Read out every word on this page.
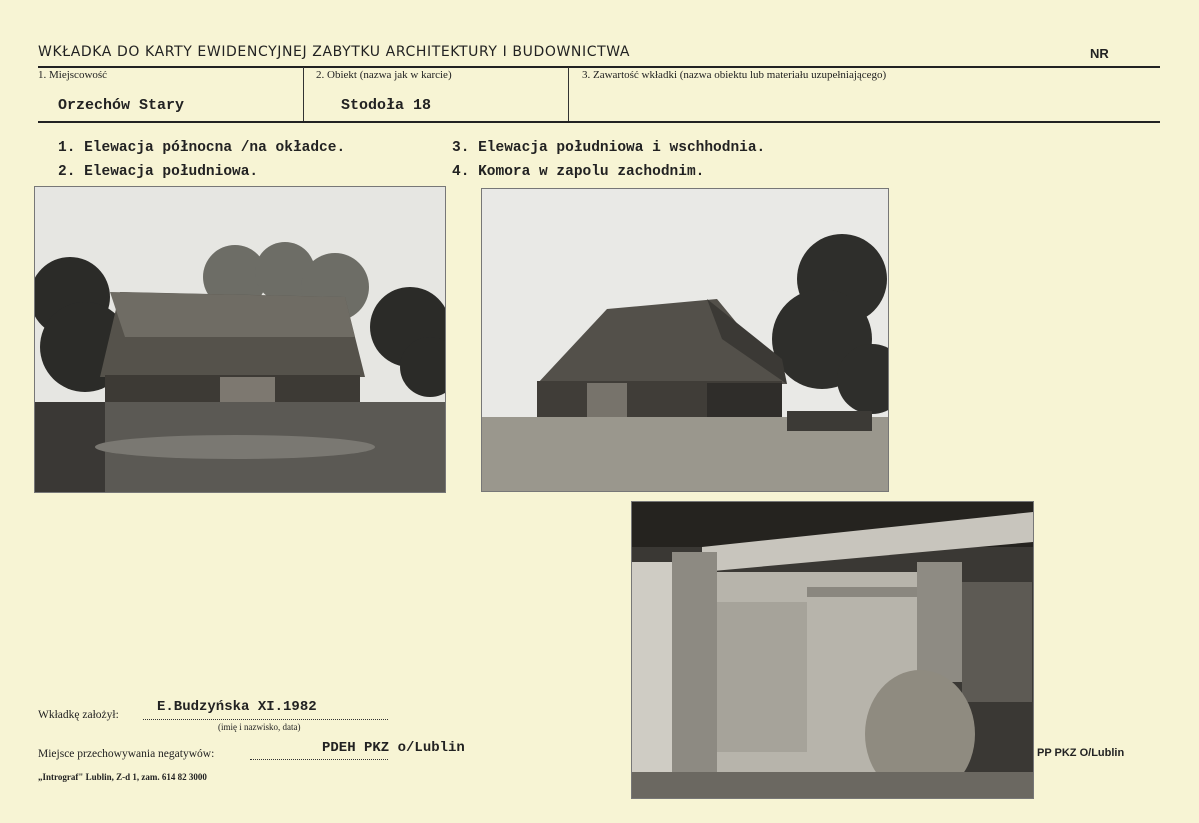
WKŁADKA DO KARTY EWIDENCYJNEJ ZABYTKU ARCHITEKTURY I BUDOWNICTWA	NR
1. Miejscowość
Orzechów Stary
2. Obiekt (nazwa jak w karcie)
Stodoła 18
3. Zawartość wkładki (nazwa obiektu lub materiału uzupełniającego)
1. Elewacja północna /na okładce.
2. Elewacja południowa.
3. Elewacja południowa i wschhodnia.
4. Komora w zapolu zachodnim.
Wkładkę założył:	E.Budzyńska XI.1982
(imię i nazwisko, data)
Miejsce przechowywania negatywów:	PDEH PKZ o/Lublin	PP PKZ O/Lublin
„Intrograf" Lublin, Z-d 1, zam. 614 82 3000
